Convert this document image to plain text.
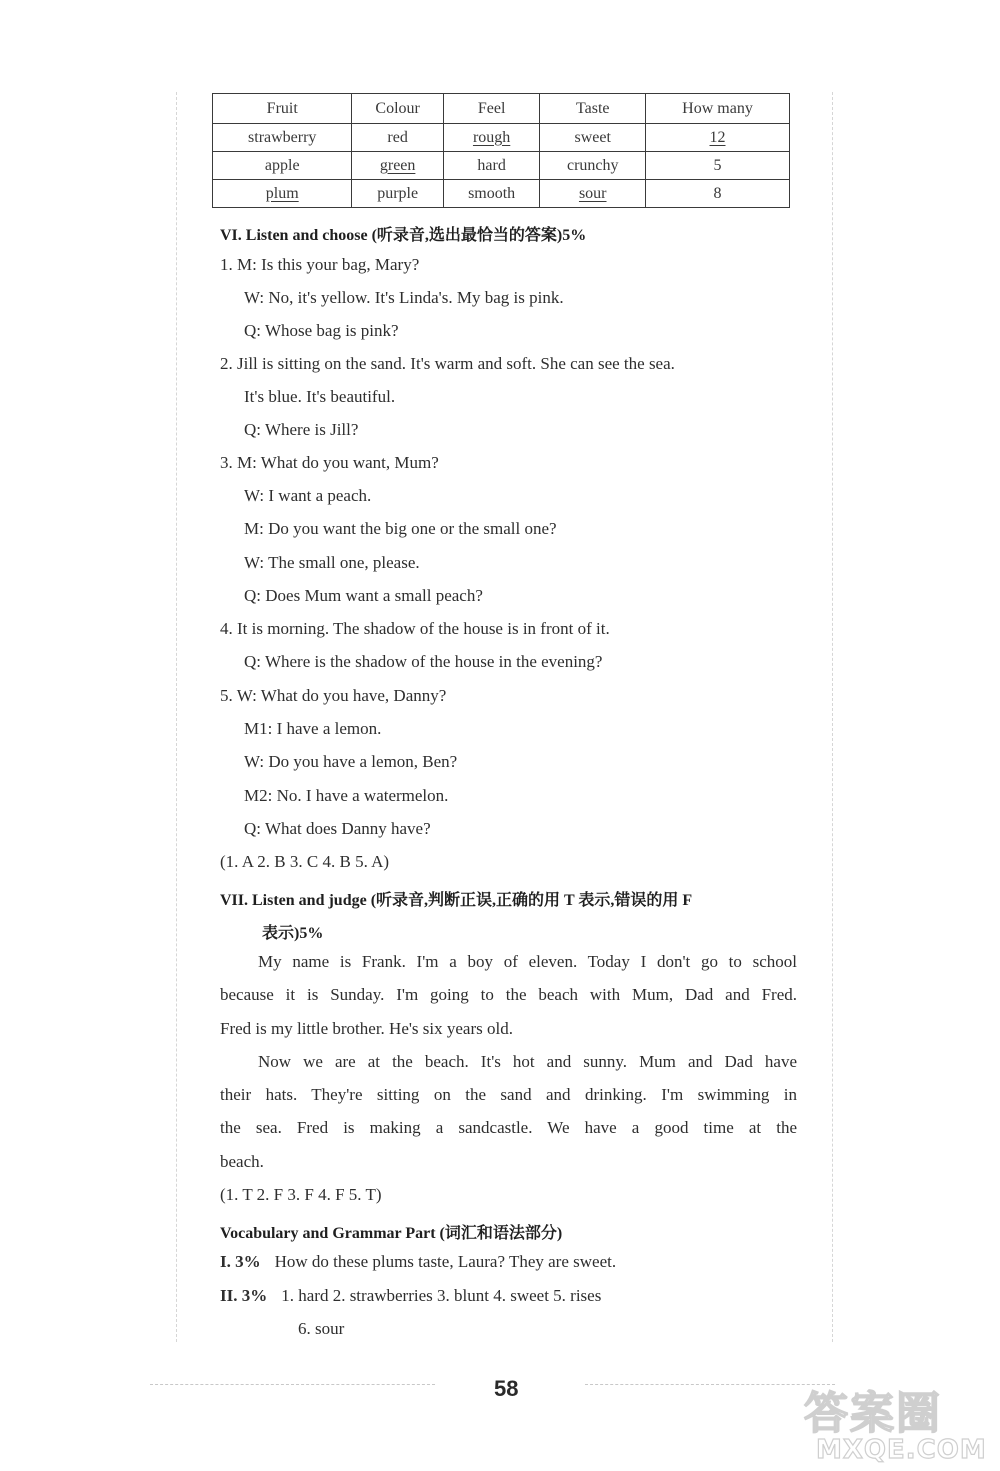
Fruit	Colour	Feel	Taste	How many
strawberry	red	rough	sweet	12
apple	green	hard	crunchy	5
plum	purple	smooth	sour	8
VI. Listen and choose (听录音,选出最恰当的答案)5%
1. M: Is this your bag, Mary?
W: No, it's yellow. It's Linda's. My bag is pink.
Q: Whose bag is pink?
2. Jill is sitting on the sand. It's warm and soft. She can see the sea.
It's blue. It's beautiful.
Q: Where is Jill?
3. M: What do you want, Mum?
W: I want a peach.
M: Do you want the big one or the small one?
W: The small one, please.
Q: Does Mum want a small peach?
4. It is morning. The shadow of the house is in front of it.
Q: Where is the shadow of the house in the evening?
5. W: What do you have, Danny?
M1: I have a lemon.
W: Do you have a lemon, Ben?
M2: No. I have a watermelon.
Q: What does Danny have?
(1. A 2. B 3. C 4. B 5. A)
VII. Listen and judge (听录音,判断正误,正确的用 T 表示,错误的用 F
表示)5%
My name is Frank. I'm a boy of eleven. Today I don't go to school
because it is Sunday. I'm going to the beach with Mum, Dad and Fred.
Fred is my little brother. He's six years old.
Now we are at the beach. It's hot and sunny. Mum and Dad have
their hats. They're sitting on the sand and drinking. I'm swimming in
the sea. Fred is making a sandcastle. We have a good time at the
beach.
(1. T 2. F 3. F 4. F 5. T)
Vocabulary and Grammar Part (词汇和语法部分)
I. 3% How do these plums taste, Laura? They are sweet.
II. 3% 1. hard 2. strawberries 3. blunt 4. sweet 5. rises
6. sour
58	答案圈
MXQE.COM
